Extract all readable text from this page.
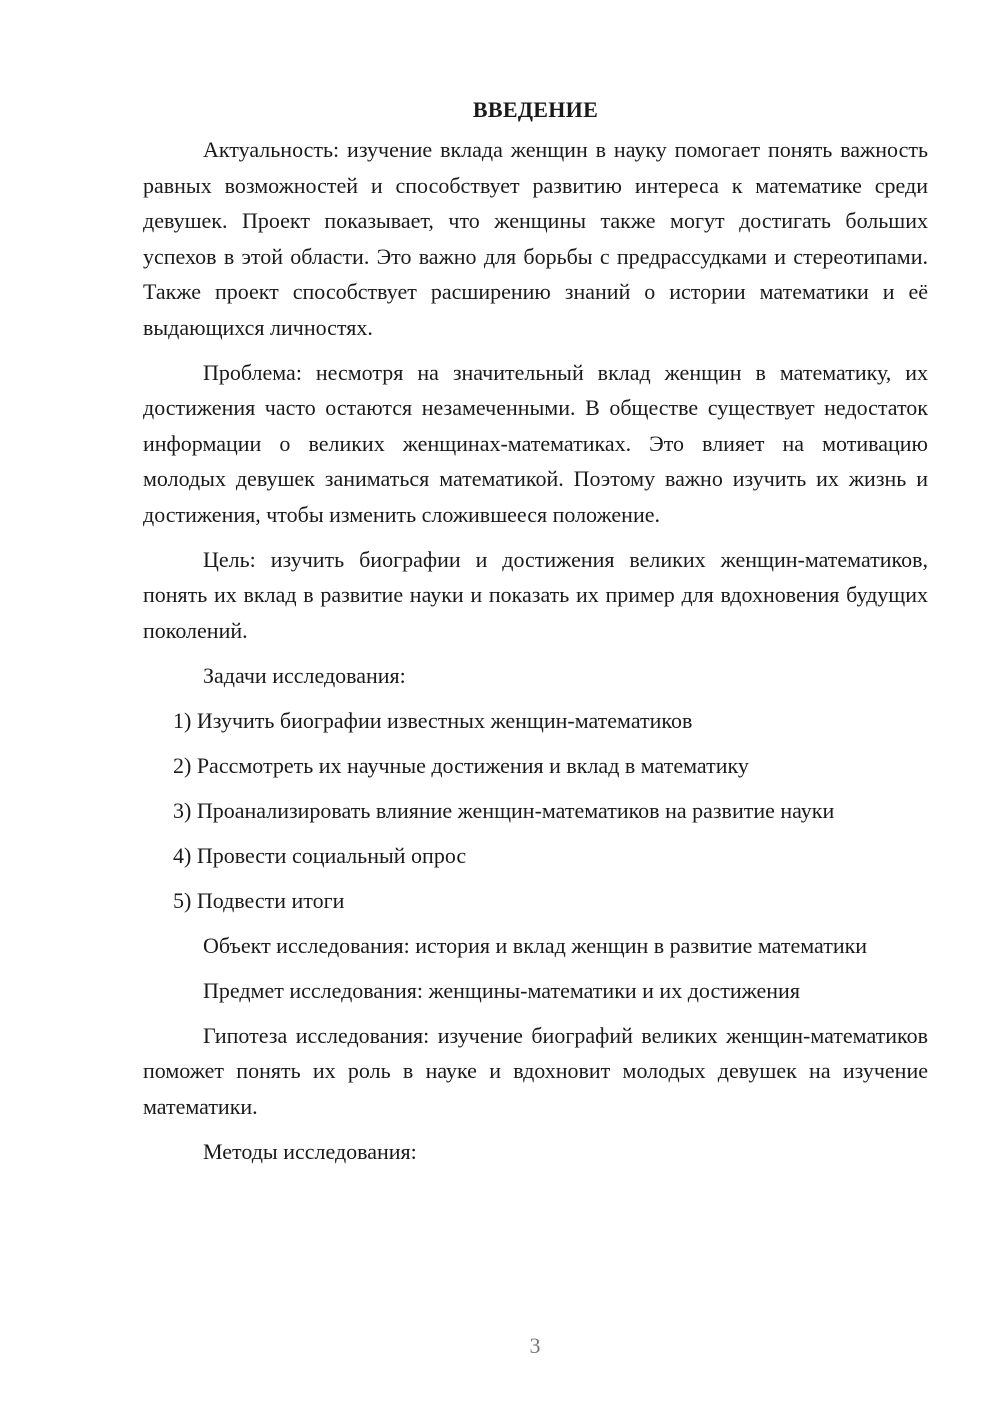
ВВЕДЕНИЕ

Актуальность: изучение вклада женщин в науку помогает понять важность равных возможностей и способствует развитию интереса к математике среди девушек. Проект показывает, что женщины также могут достигать больших успехов в этой области. Это важно для борьбы с предрассудками и стереотипами. Также проект способствует расширению знаний о истории математики и её выдающихся личностях.

Проблема: несмотря на значительный вклад женщин в математику, их достижения часто остаются незамеченными. В обществе существует недостаток информации о великих женщинах-математиках. Это влияет на мотивацию молодых девушек заниматься математикой. Поэтому важно изучить их жизнь и достижения, чтобы изменить сложившееся положение.

Цель: изучить биографии и достижения великих женщин-математиков, понять их вклад в развитие науки и показать их пример для вдохновения будущих поколений.

Задачи исследования:

1) Изучить биографии известных женщин-математиков

2) Рассмотреть их научные достижения и вклад в математику

3) Проанализировать влияние женщин-математиков на развитие науки

4) Провести социальный опрос

5) Подвести итоги

Объект исследования: история и вклад женщин в развитие математики

Предмет исследования: женщины-математики и их достижения

Гипотеза исследования: изучение биографий великих женщин-математиков поможет понять их роль в науке и вдохновит молодых девушек на изучение математики.

Методы исследования:

3
